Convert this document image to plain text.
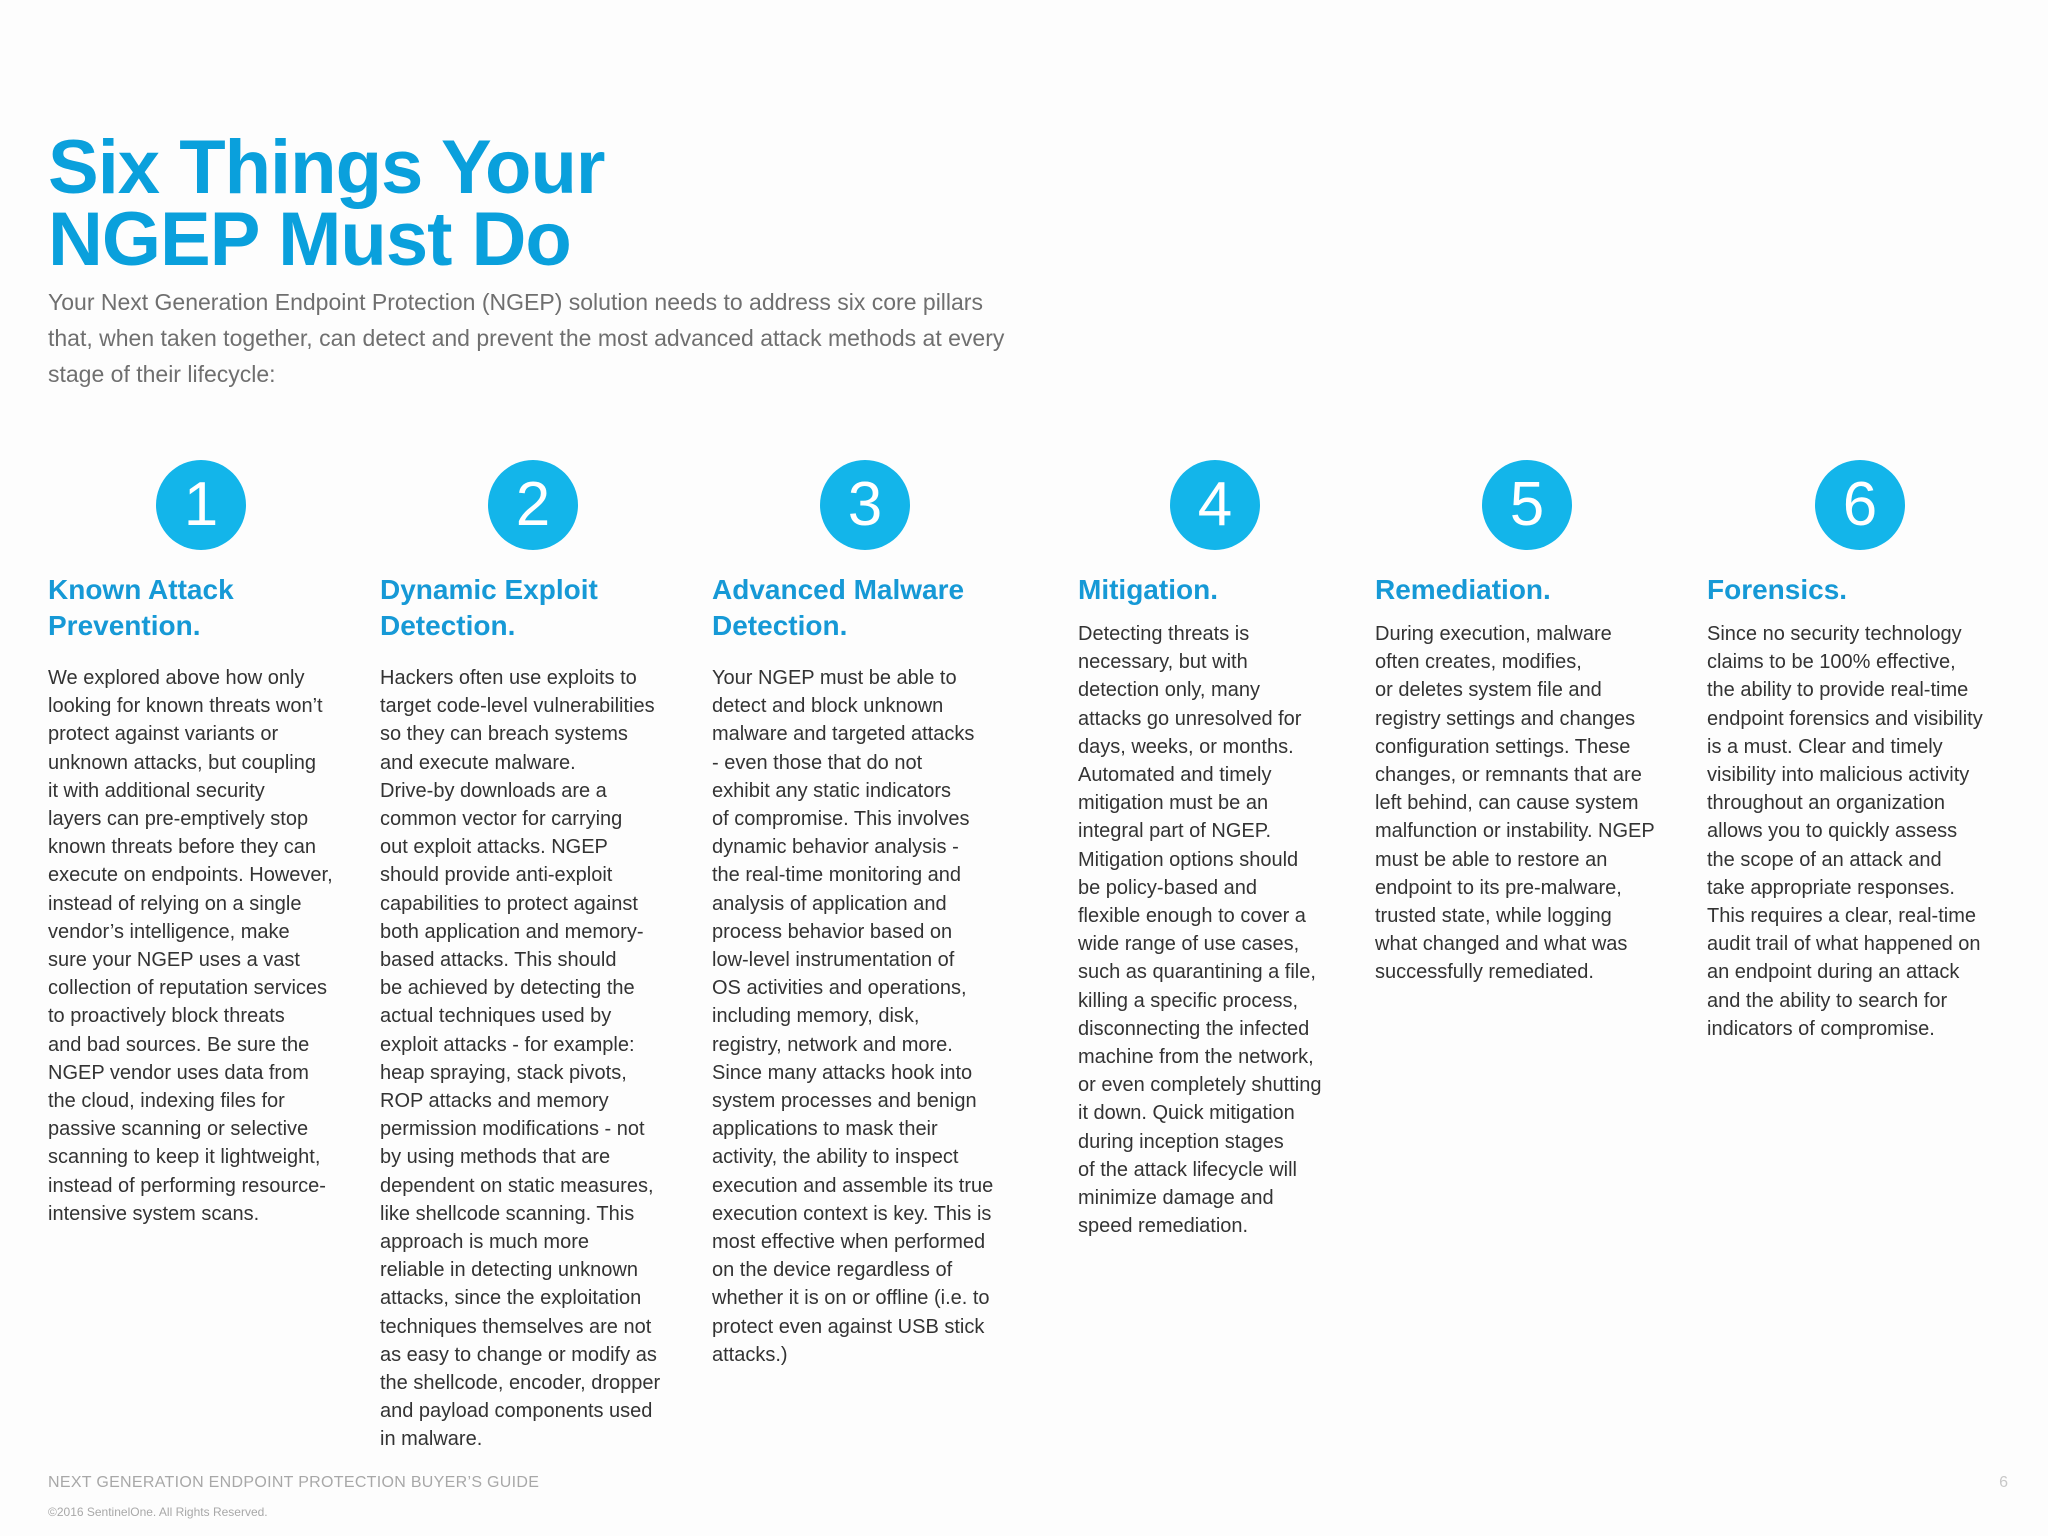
Six Things Your
NGEP Must Do

Your Next Generation Endpoint Protection (NGEP) solution needs to address six core pillars that, when taken together, can detect and prevent the most advanced attack methods at every stage of their lifecycle:

1
Known Attack
Prevention.

We explored above how only
looking for known threats won’t
protect against variants or
unknown attacks, but coupling
it with additional security
layers can pre-emptively stop
known threats before they can
execute on endpoints. However,
instead of relying on a single
vendor’s intelligence, make
sure your NGEP uses a vast
collection of reputation services
to proactively block threats
and bad sources. Be sure the
NGEP vendor uses data from
the cloud, indexing files for
passive scanning or selective
scanning to keep it lightweight,
instead of performing resource-
intensive system scans.

2
Dynamic Exploit
Detection.

Hackers often use exploits to
target code-level vulnerabilities
so they can breach systems
and execute malware.

Drive-by downloads are a
common vector for carrying
out exploit attacks. NGEP
should provide anti-exploit
capabilities to protect against
both application and memory-
based attacks. This should
be achieved by detecting the
actual techniques used by
exploit attacks - for example:
heap spraying, stack pivots,
ROP attacks and memory
permission modifications - not
by using methods that are
dependent on static measures,
like shellcode scanning. This
approach is much more
reliable in detecting unknown
attacks, since the exploitation
techniques themselves are not
as easy to change or modify as
the shellcode, encoder, dropper
and payload components used
in malware.

3
Advanced Malware
Detection.

Your NGEP must be able to
detect and block unknown
malware and targeted attacks
- even those that do not
exhibit any static indicators
of compromise. This involves
dynamic behavior analysis -
the real-time monitoring and
analysis of application and
process behavior based on
low-level instrumentation of
OS activities and operations,
including memory, disk,
registry, network and more.
Since many attacks hook into
system processes and benign
applications to mask their
activity, the ability to inspect
execution and assemble its true
execution context is key. This is
most effective when performed
on the device regardless of
whether it is on or offline (i.e. to
protect even against USB stick
attacks.)

4
Mitigation.

Detecting threats is
necessary, but with
detection only, many
attacks go unresolved for
days, weeks, or months.
Automated and timely
mitigation must be an
integral part of NGEP.
Mitigation options should
be policy-based and
flexible enough to cover a
wide range of use cases,
such as quarantining a file,
killing a specific process,
disconnecting the infected
machine from the network,
or even completely shutting
it down. Quick mitigation
during inception stages
of the attack lifecycle will
minimize damage and
speed remediation.

5
Remediation.

During execution, malware
often creates, modifies,
or deletes system file and
registry settings and changes
configuration settings. These
changes, or remnants that are
left behind, can cause system
malfunction or instability. NGEP
must be able to restore an
endpoint to its pre-malware,
trusted state, while logging
what changed and what was
successfully remediated.

6
Forensics.

Since no security technology
claims to be 100% effective,
the ability to provide real-time
endpoint forensics and visibility
is a must. Clear and timely
visibility into malicious activity
throughout an organization
allows you to quickly assess
the scope of an attack and
take appropriate responses.
This requires a clear, real-time
audit trail of what happened on
an endpoint during an attack
and the ability to search for
indicators of compromise.

NEXT GENERATION ENDPOINT PROTECTION BUYER’S GUIDE
©2016 SentinelOne. All Rights Reserved.
6
